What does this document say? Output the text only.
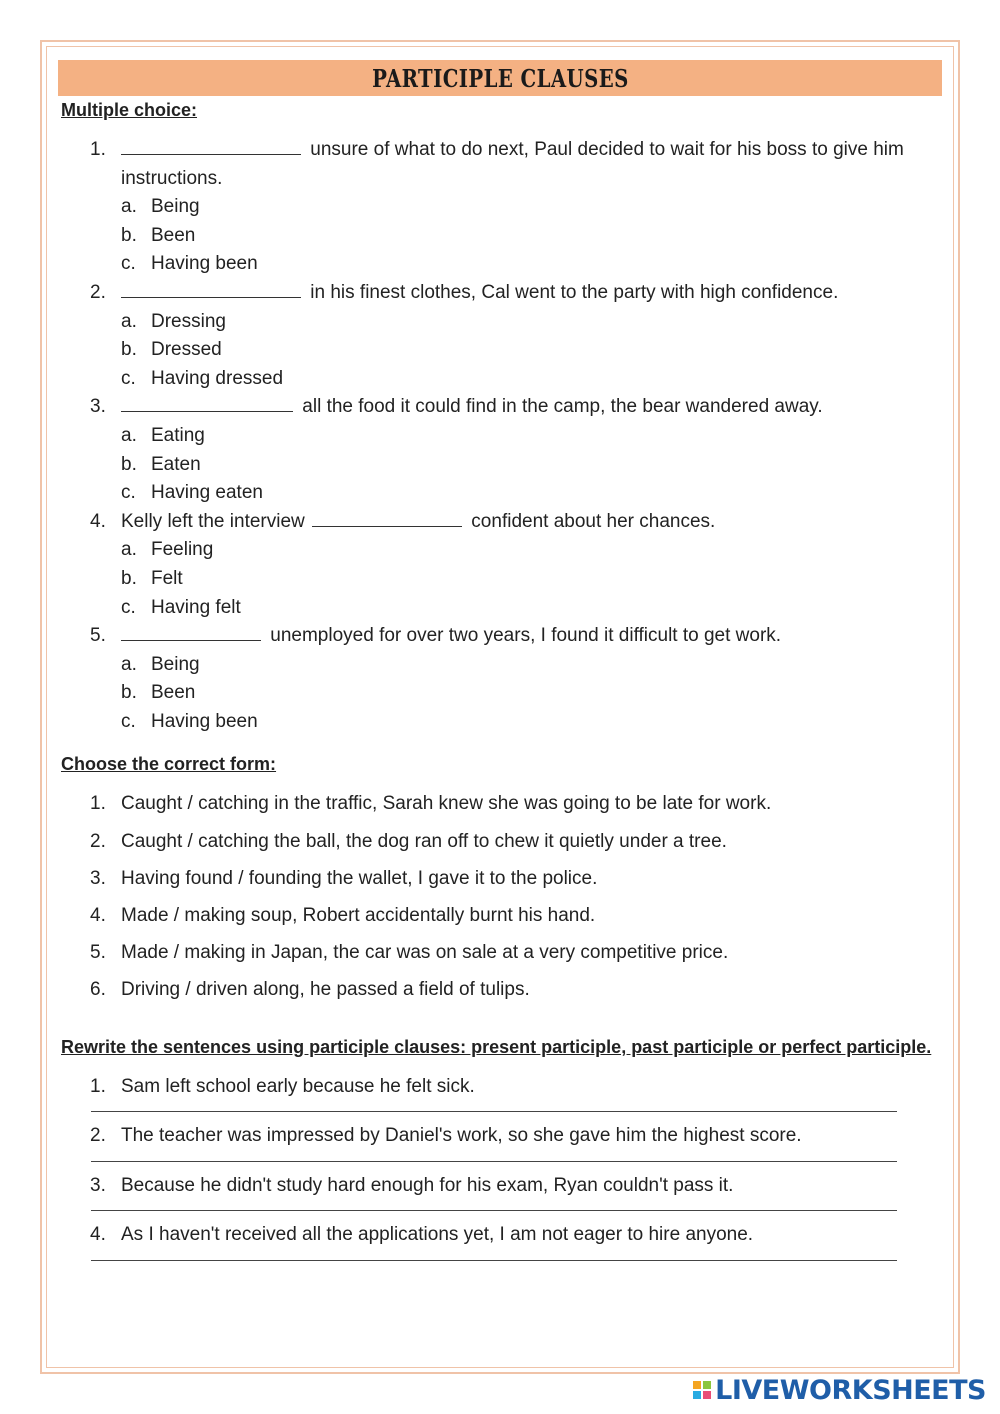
PARTICIPLE CLAUSES

Multiple choice:

1.	unsure of what to do next, Paul decided to wait for his boss to give him instructions.
a. Being
b. Been
c. Having been
2.	in his finest clothes, Cal went to the party with high confidence.
a. Dressing
b. Dressed
c. Having dressed
3.	all the food it could find in the camp, the bear wandered away.
a. Eating
b. Eaten
c. Having eaten
4. Kelly left the interview	confident about her chances.
a. Feeling
b. Felt
c. Having felt
5.	unemployed for over two years, I found it difficult to get work.
a. Being
b. Been
c. Having been

Choose the correct form:

1. Caught / catching in the traffic, Sarah knew she was going to be late for work.
2. Caught / catching the ball, the dog ran off to chew it quietly under a tree.
3. Having found / founding the wallet, I gave it to the police.
4. Made / making soup, Robert accidentally burnt his hand.
5. Made / making in Japan, the car was on sale at a very competitive price.
6. Driving / driven along, he passed a field of tulips.

Rewrite the sentences using participle clauses: present participle, past participle or perfect participle.

1. Sam left school early because he felt sick.
2. The teacher was impressed by Daniel's work, so she gave him the highest score.
3. Because he didn't study hard enough for his exam, Ryan couldn't pass it.
4. As I haven't received all the applications yet, I am not eager to hire anyone.
LIVEWORKSHEETS
